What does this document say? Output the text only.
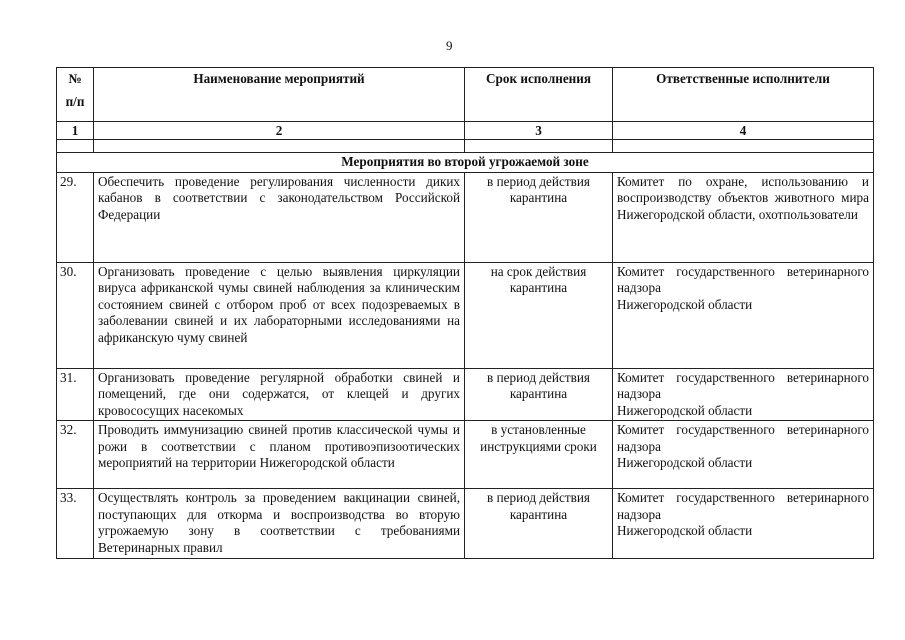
9
№
п/п	Наименование мероприятий	Срок исполнения	Ответственные исполнители
1	2	3	4

Мероприятия во второй угрожаемой зоне			
29.	Обеспечить проведение регулирования численности диких кабанов в соответствии с законодательством Российской Федерации	в период действия карантина	Комитет по охране, использованию и воспроизводству объектов животного мира Нижегородской области, охотпользователи
30.	Организовать проведение с целью выявления циркуляции вируса африканской чумы свиней наблюдения за клиническим состоянием свиней с отбором проб от всех подозреваемых в заболевании свиней и их лабораторными исследованиями на африканскую чуму свиней	на срок действия карантина	Комитет государственного ветеринарного надзора
Нижегородской области

31.	Организовать проведение регулярной обработки свиней и помещений, где они содержатся, от клещей и других кровососущих насекомых	в период действия карантина	Комитет государственного ветеринарного надзора
Нижегородской области

32.	Проводить иммунизацию свиней против классической чумы и рожи в соответствии с планом противоэпизоотических мероприятий на территории Нижегородской области	в установленные инструкциями сроки	Комитет государственного ветеринарного надзора
Нижегородской области

33.	Осуществлять контроль за проведением вакцинации свиней, поступающих для откорма и воспроизводства во вторую угрожаемую зону в соответствии с требованиями Ветеринарных правил	в период действия карантина	Комитет государственного ветеринарного надзора
Нижегородской области
